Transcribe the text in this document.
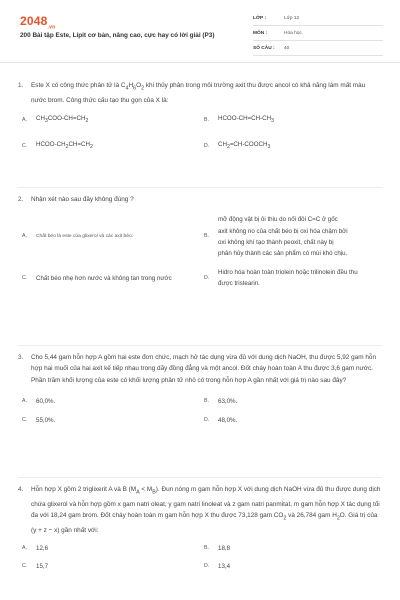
$2048_{.vn}$
200 Bài tập Este, Lipit cơ bản, nâng cao, cực hay có lời giải (P3)
LỚP :	Lớp 12
MÔN :	Hóa học
SỐ CÂU :	40
1.	Este X có công thức phân tử là $C_4H_6O_2$ khi thủy phân trong môi trường axit thu được ancol có khả năng làm mất màu nước brom. Công thức cấu tạo thu gọn của X là:
A.	$CH_3COO-CH=CH_2$	B.	HCOO-$CH=CH-CH_3$
C.	HCOO-$CH_2CH=CH_2$	D.	$CH_2=CH-COOCH_3$
2.	Nhận xét nào sau đây không đúng ?
A.	Chất béo là este của glixerol và các axit béo.	B.
mỡ động vật bị ôi thiu do nối đôi C=C ở gốc axit không no của chất béo bị oxi hóa chậm bởi oxi không khí tạo thành peoxit, chất này bị phân hủy thành các sản phẩm có mùi khó chịu.
C.	Chất béo nhẹ hơn nước và không tan trong nước	D.
Hidro hóa hoàn toàn triolein hoặc trilinolein đều thu được tristearin.
3.	Cho 5,44 gam hỗn hợp A gồm hai este đơn chức, mạch hở tác dụng vừa đủ với dung dịch NaOH, thu được 5,92 gam hỗn hợp hai muối của hai axit kế tiếp nhau trong dãy đồng đẳng và một ancol. Đốt cháy hoàn toàn A thu được 3,6 gam nước. Phần trăm khối lượng của este có khối lượng phân tử nhỏ có trong hỗn hợp A gần nhất với giá trị nào sau đây?
A.	60,0%.	B.	63,0%.
C.	55,0%.	D.	48,0%.
4.	Hỗn hợp X gồm 2 triglixerit A và B $(M_A < M_B)$. Đun nóng m gam hỗn hợp X với dung dịch NaOH vừa đủ thu được dung dịch chứa glixerol và hỗn hợp gồm x gam natri oleat, y gam natri linoleat và z gam natri panmitat, m gam hỗn hợp X tác dụng tối đa với 18,24 gam brom. Đốt cháy hoàn toàn m gam hỗn hợp X thu được 73,128 gam $CO_2$ và 26,784 gam $H_2O$. Giá trị của (y + z − x) gần nhất với:
A.	12,6	B.	18,8
C.	15,7	D.	13,4
